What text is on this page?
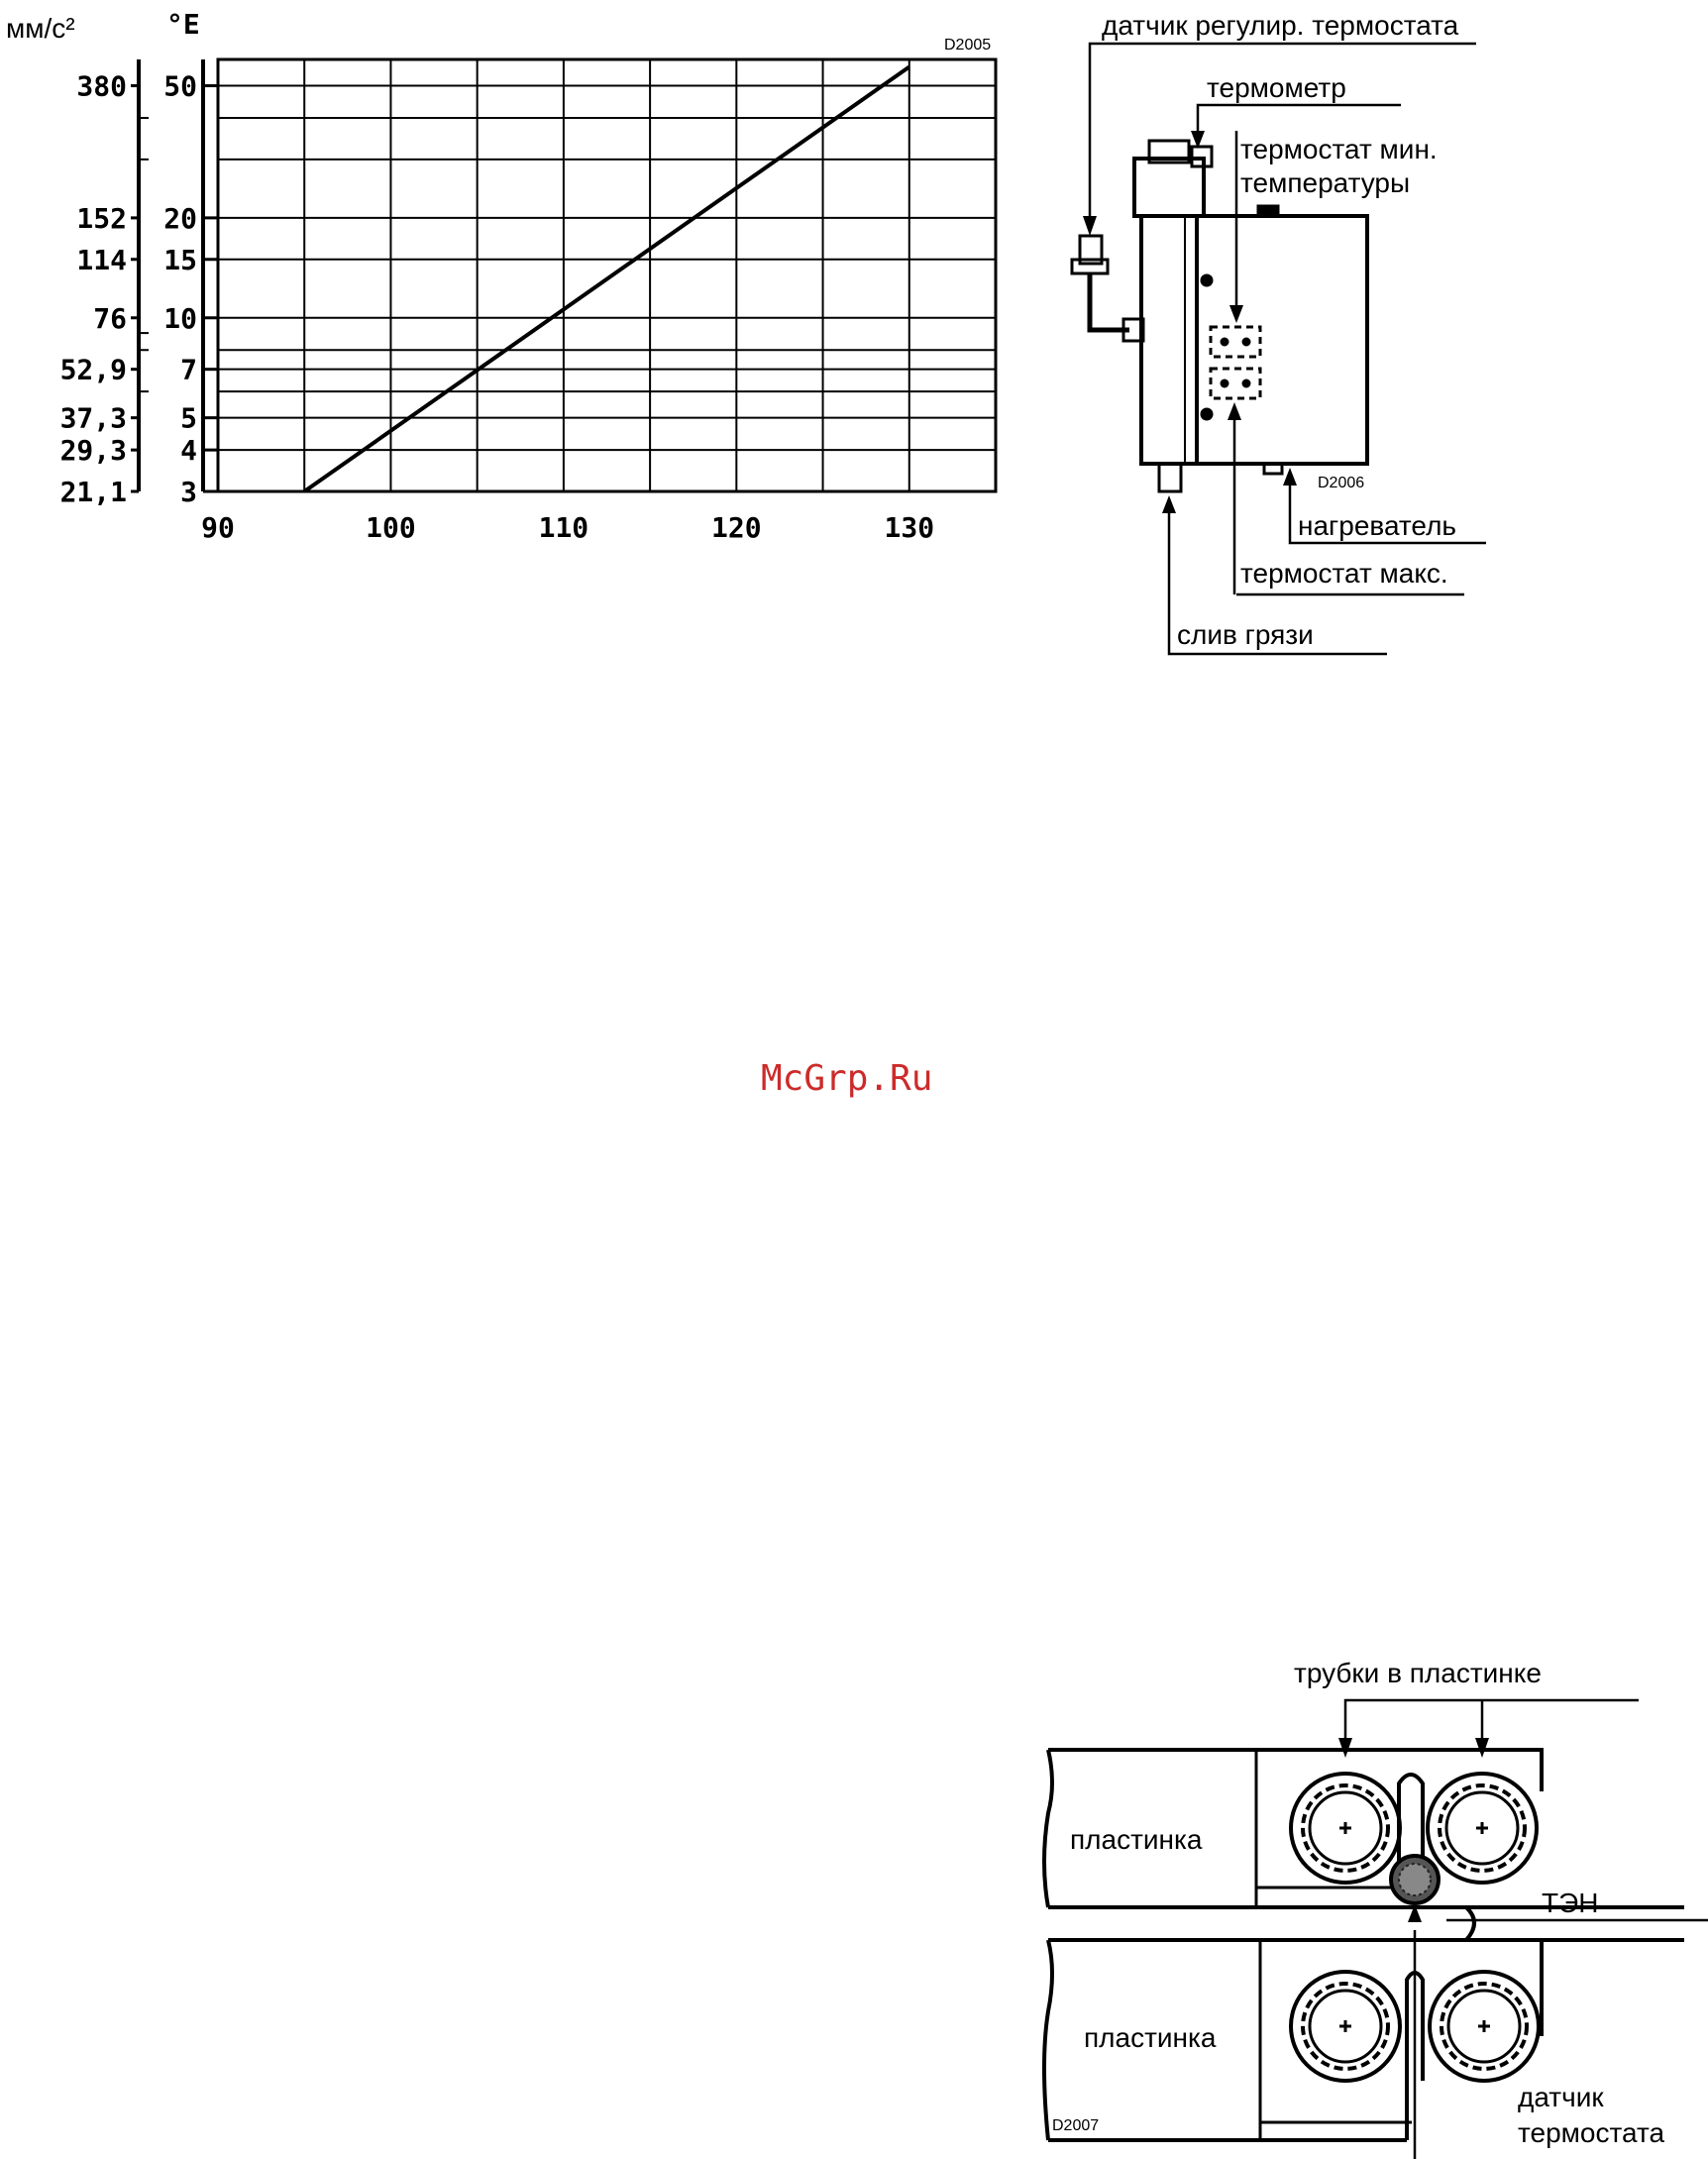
мм/с²	°E
D2005
3
21,1
4
29,3
5
37,3
7
52,9
10
76
15
114
20
152
50
380
90	100	110	120	130
датчик регулир. термостата
термометр
термостат мин.
температуры
D2006
нагреватель
термостат макс.
слив грязи
McGrp.Ru
трубки в пластинке
пластинка
ТЭН
пластинка
датчик
термостата
D2007
